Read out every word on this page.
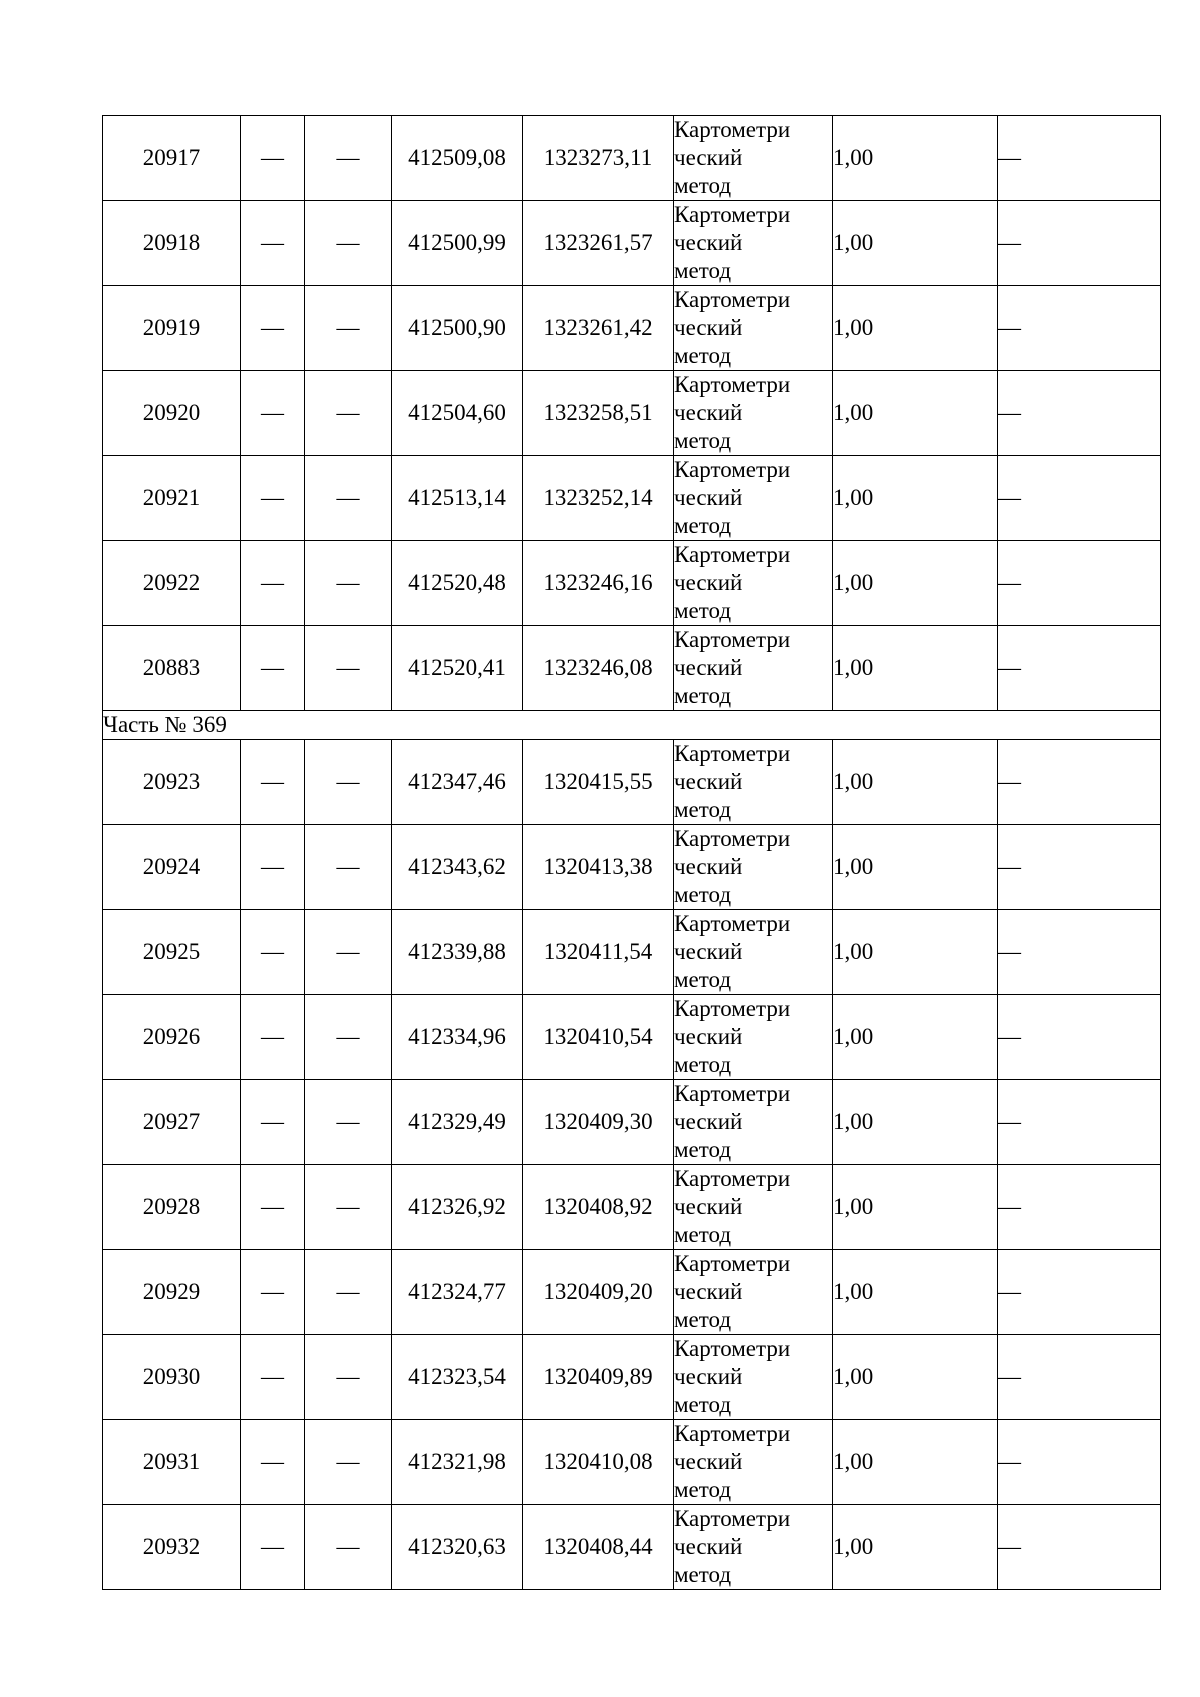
20917	—	—	412509,08	1323273,11	Картометри
ческий
метод	1,00	—
20918	—	—	412500,99	1323261,57	Картометри
ческий
метод	1,00	—
20919	—	—	412500,90	1323261,42	Картометри
ческий
метод	1,00	—
20920	—	—	412504,60	1323258,51	Картометри
ческий
метод	1,00	—
20921	—	—	412513,14	1323252,14	Картометри
ческий
метод	1,00	—
20922	—	—	412520,48	1323246,16	Картометри
ческий
метод	1,00	—
20883	—	—	412520,41	1323246,08	Картометри
ческий
метод	1,00	—
Часть № 369							
20923	—	—	412347,46	1320415,55	Картометри
ческий
метод	1,00	—
20924	—	—	412343,62	1320413,38	Картометри
ческий
метод	1,00	—
20925	—	—	412339,88	1320411,54	Картометри
ческий
метод	1,00	—
20926	—	—	412334,96	1320410,54	Картометри
ческий
метод	1,00	—
20927	—	—	412329,49	1320409,30	Картометри
ческий
метод	1,00	—
20928	—	—	412326,92	1320408,92	Картометри
ческий
метод	1,00	—
20929	—	—	412324,77	1320409,20	Картометри
ческий
метод	1,00	—
20930	—	—	412323,54	1320409,89	Картометри
ческий
метод	1,00	—
20931	—	—	412321,98	1320410,08	Картометри
ческий
метод	1,00	—
20932	—	—	412320,63	1320408,44	Картометри
ческий
метод	1,00	—
